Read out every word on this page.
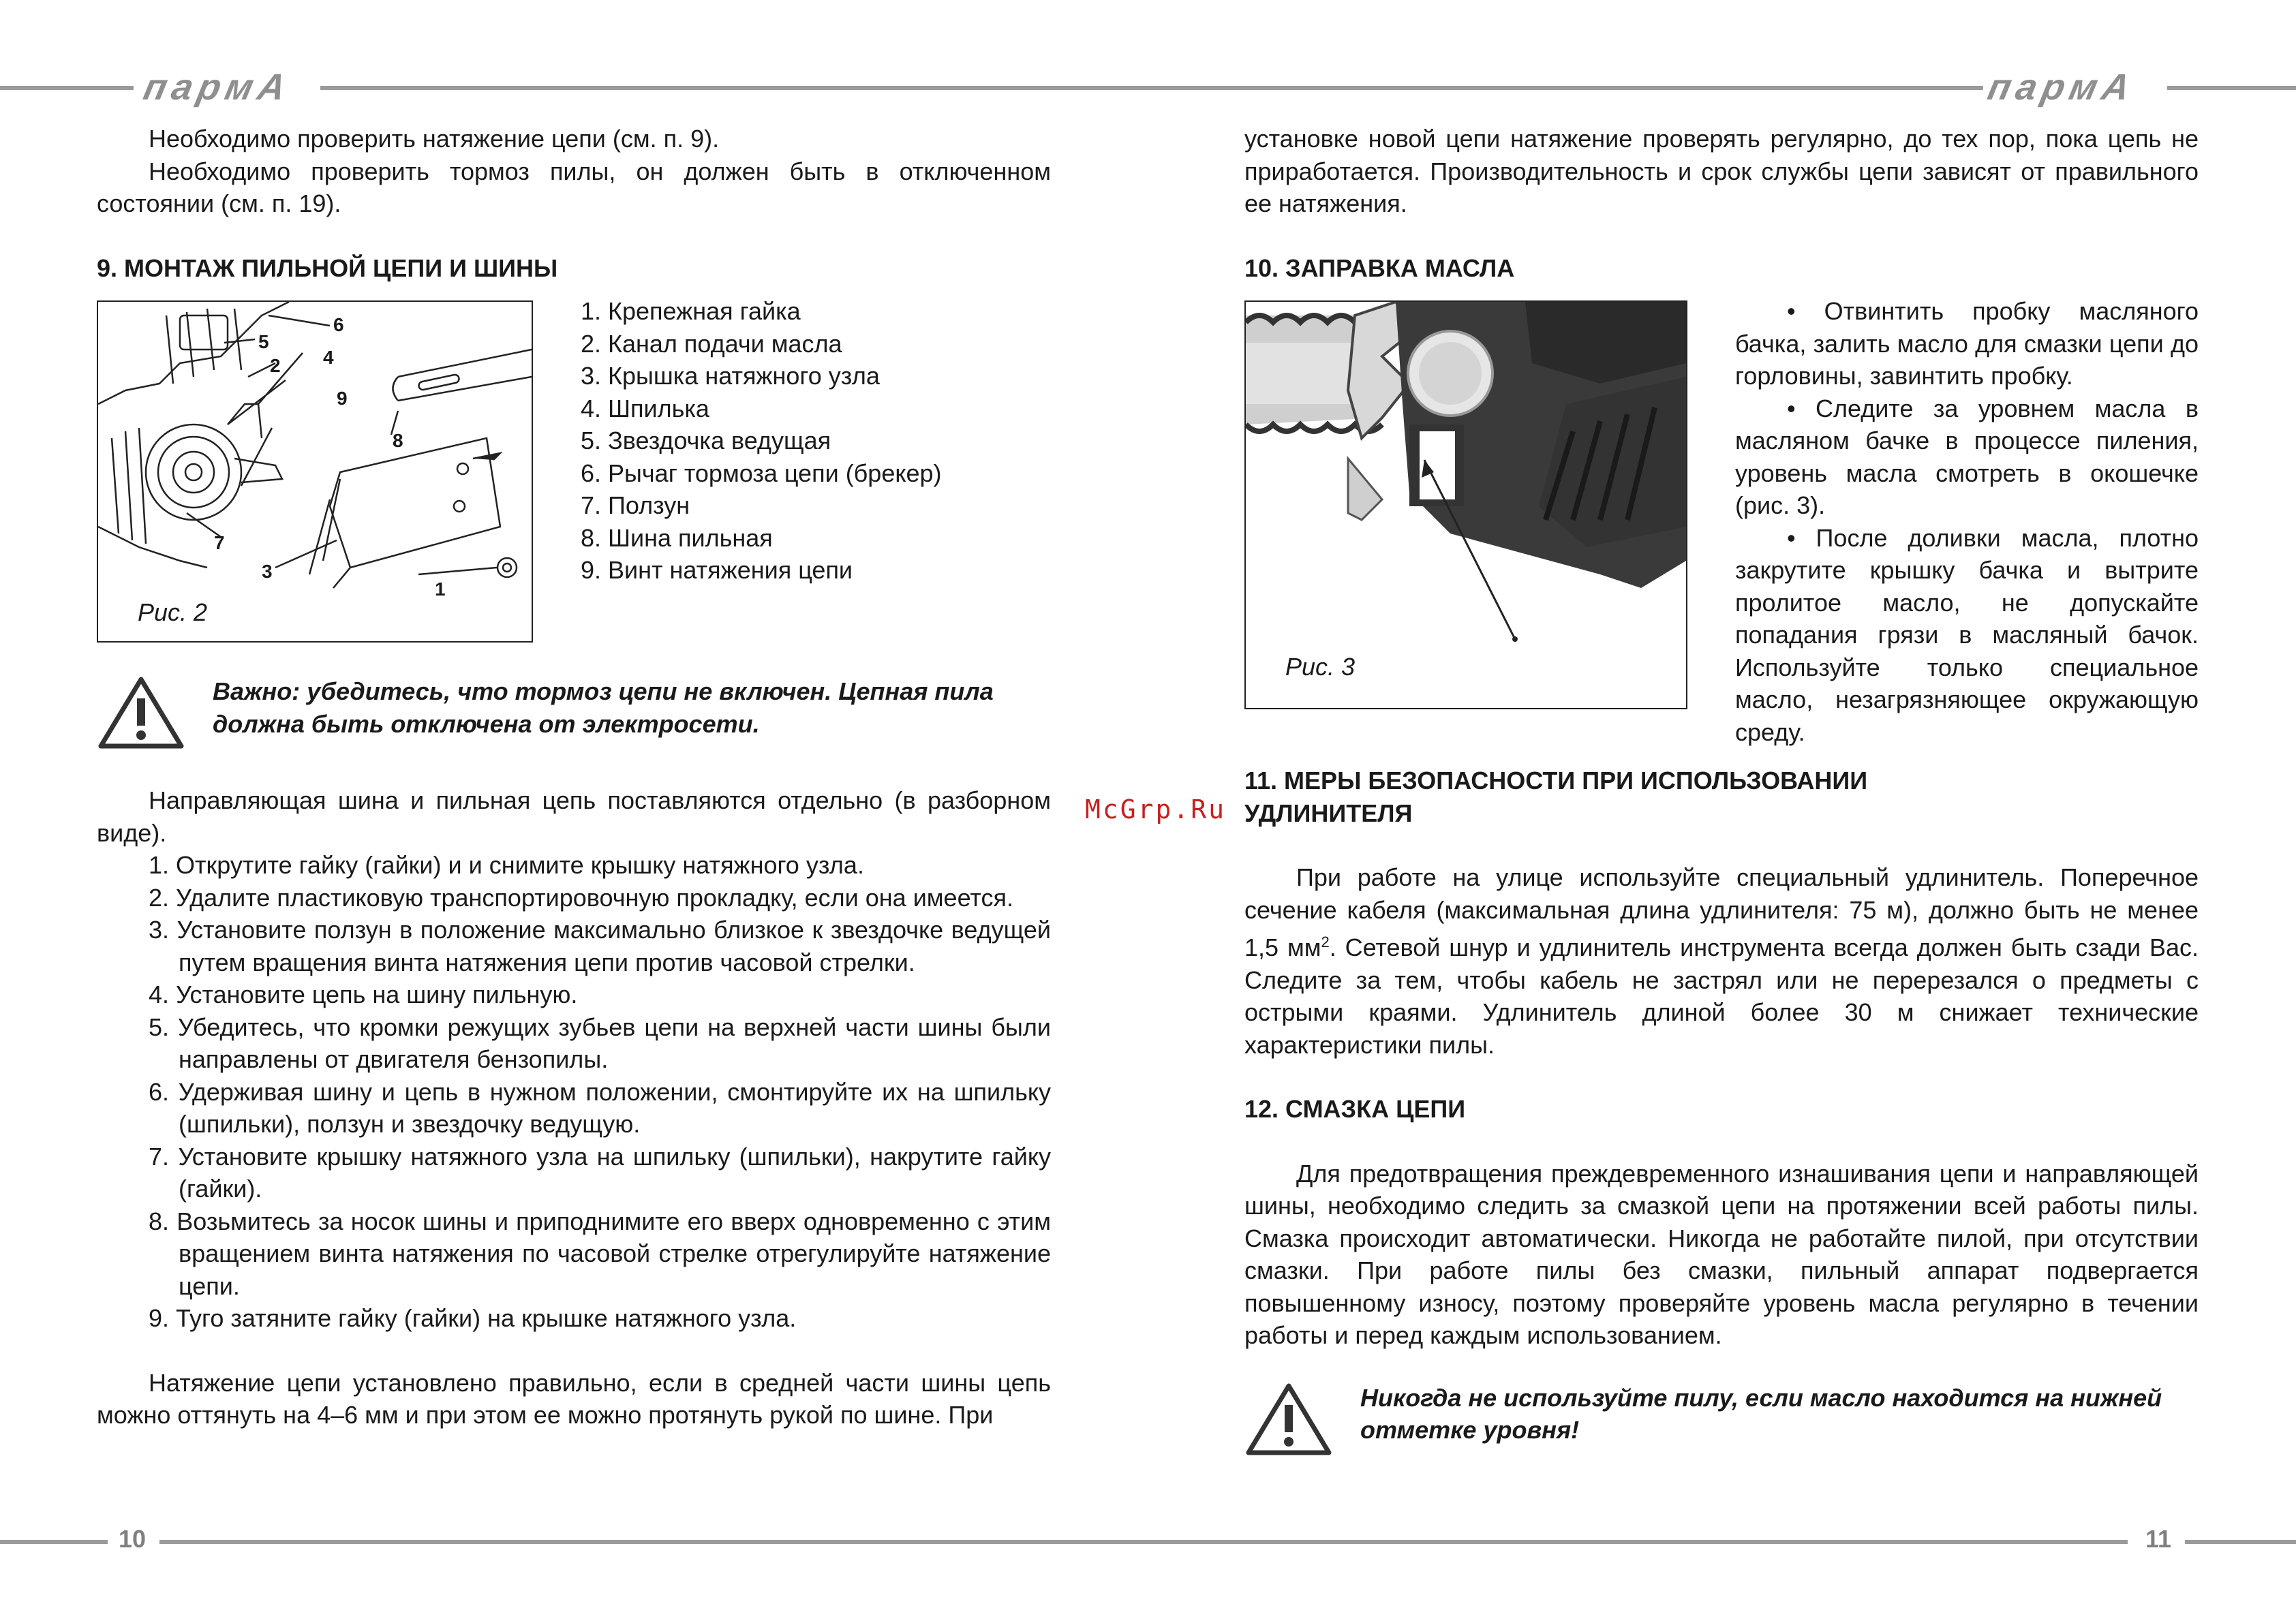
пармА	пармА
10	11
McGrp.Ru

Необходимо проверить натяжение цепи (см. п. 9).

Необходимо проверить тормоз пилы, он должен быть в отключенном состоянии (см. п. 19).

9. МОНТАЖ ПИЛЬНОЙ ЦЕПИ И ШИНЫ
6
5
2 4
9
8
7
3
1
Рис. 2
1. Крепежная гайка
2. Канал подачи масла
3. Крышка натяжного узла
4. Шпилька
5. Звездочка ведущая
6. Рычаг тормоза цепи (брекер)
7. Ползун
8. Шина пильная
9. Винт натяжения цепи
Важно: убедитесь, что тормоз цепи не включен. Цепная пила должна быть отключена от электросети.

Направляющая шина и пильная цепь поставляются отдельно (в разборном виде).

1. Открутите гайку (гайки) и и снимите крышку натяжного узла.
2. Удалите пластиковую транспортировочную прокладку, если она имеется.
3. Установите ползун в положение максимально близкое к звездочке ведущей путем вращения винта натяжения цепи против часовой стрелки.
4. Установите цепь на шину пильную.
5. Убедитесь, что кромки режущих зубьев цепи на верхней части шины были направлены от двигателя бензопилы.
6. Удерживая шину и цепь в нужном положении, смонтируйте их на шпильку (шпильки), ползун и звездочку ведущую.
7. Установите крышку натяжного узла на шпильку (шпильки), накрутите гайку (гайки).
8. Возьмитесь за носок шины и приподнимите его вверх одновременно с этим вращением винта натяжения по часовой стрелке отрегулируйте натяжение цепи.
9. Туго затяните гайку (гайки) на крышке натяжного узла.

Натяжение цепи установлено правильно, если в средней части шины цепь можно оттянуть на 4–6 мм и при этом ее можно протянуть рукой по шине. При

установке новой цепи натяжение проверять регулярно, до тех пор, пока цепь не приработается. Производительность и срок службы цепи зависят от правильного ее натяжения.

10. ЗАПРАВКА МАСЛА
Рис. 3

• Отвинтить пробку масляного бачка, залить масло для смазки цепи до горловины, завинтить пробку.

• Следите за уровнем масла в масляном бачке в процессе пиления, уровень масла смотреть в окошечке (рис. 3).

• После доливки масла, плотно закрутите крышку бачка и вытрите пролитое масло, не допускайте попадания грязи в масляный бачок. Используйте только специальное масло, незагрязняющее окружающую среду.

11. МЕРЫ БЕЗОПАСНОСТИ ПРИ ИСПОЛЬЗОВАНИИ
УДЛИНИТЕЛЯ

При работе на улице используйте специальный удлинитель. Поперечное сечение кабеля (максимальная длина удлинителя: 75 м), должно быть не менее 1,5 $мм^2$. Сетевой шнур и удлинитель инструмента всегда должен быть сзади Вас. Следите за тем, чтобы кабель не застрял или не перерезался о предметы с острыми краями. Удлинитель длиной более 30 м снижает технические характеристики пилы.

12. СМАЗКА ЦЕПИ

Для предотвращения преждевременного изнашивания цепи и направляющей шины, необходимо следить за смазкой цепи на протяжении всей работы пилы. Смазка происходит автоматически. Никогда не работайте пилой, при отсутствии смазки. При работе пилы без смазки, пильный аппарат подвергается повышенному износу, поэтому проверяйте уровень масла регулярно в течении работы и перед каждым использованием.

Никогда не используйте пилу, если масло находится на нижней отметке уровня!
